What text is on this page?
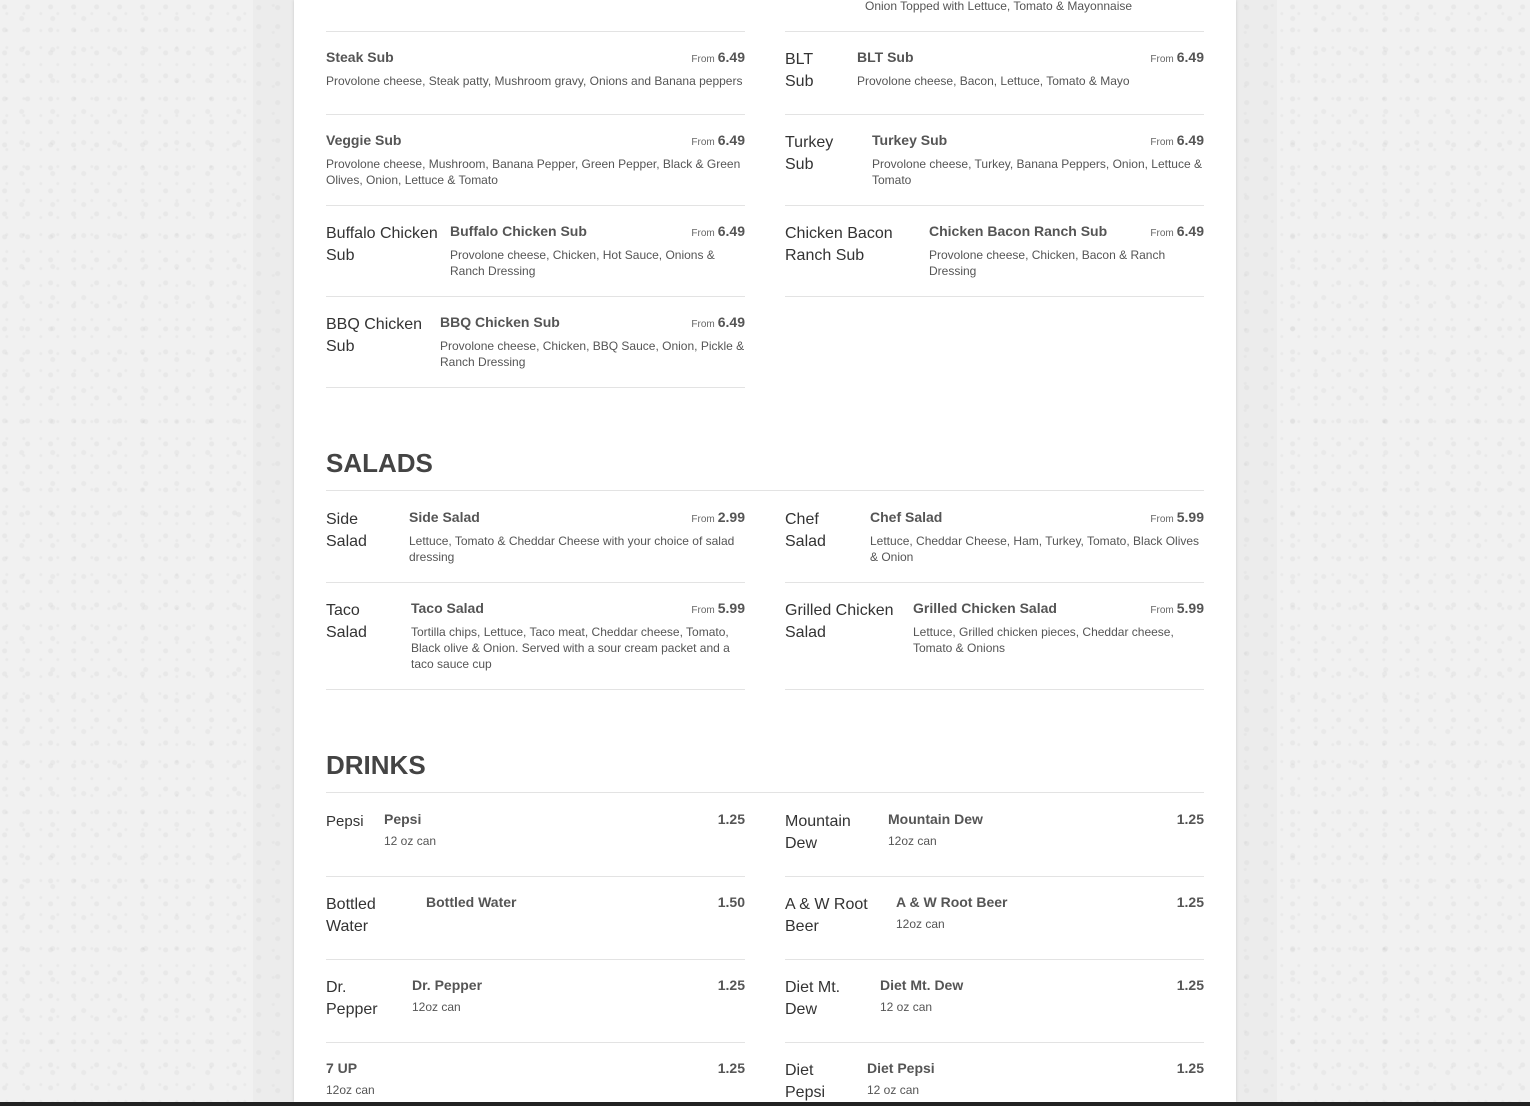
Onion Topped with Lettuce, Tomato & Mayonnaise
Steak Sub	From 6.49
Provolone cheese, Steak patty, Mushroom gravy, Onions and Banana peppers
BLT Sub
BLT Sub	From 6.49
Provolone cheese, Bacon, Lettuce, Tomato & Mayo
Veggie Sub	From 6.49
Provolone cheese, Mushroom, Banana Pepper, Green Pepper, Black & Green Olives, Onion, Lettuce & Tomato
Turkey Sub
Turkey Sub	From 6.49
Provolone cheese, Turkey, Banana Peppers, Onion, Lettuce & Tomato
Buffalo Chicken Sub
Buffalo Chicken Sub	From 6.49
Provolone cheese, Chicken, Hot Sauce, Onions & Ranch Dressing
Chicken Bacon Ranch Sub
Chicken Bacon Ranch Sub	From 6.49
Provolone cheese, Chicken, Bacon & Ranch Dressing
BBQ Chicken Sub
BBQ Chicken Sub	From 6.49
Provolone cheese, Chicken, BBQ Sauce, Onion, Pickle & Ranch Dressing
SALADS
Side Salad
Side Salad	From 2.99
Lettuce, Tomato & Cheddar Cheese with your choice of salad dressing
Chef Salad
Chef Salad	From 5.99
Lettuce, Cheddar Cheese, Ham, Turkey, Tomato, Black Olives & Onion
Taco Salad
Taco Salad	From 5.99
Tortilla chips, Lettuce, Taco meat, Cheddar cheese, Tomato, Black olive & Onion. Served with a sour cream packet and a taco sauce cup
Grilled Chicken Salad
Grilled Chicken Salad	From 5.99
Lettuce, Grilled chicken pieces, Cheddar cheese, Tomato & Onions
DRINKS
Pepsi	Pepsi	1.25
12 oz can
Mountain Dew
Mountain Dew	1.25
12oz can
Bottled Water
Bottled Water	1.50	A & W Root Beer
A & W Root Beer	1.25
12oz can
Dr. Pepper
Dr. Pepper	1.25
12oz can
Diet Mt. Dew
Diet Mt. Dew	1.25
12 oz can
7 UP	1.25
12oz can
Diet Pepsi
Diet Pepsi	1.25
12 oz can
